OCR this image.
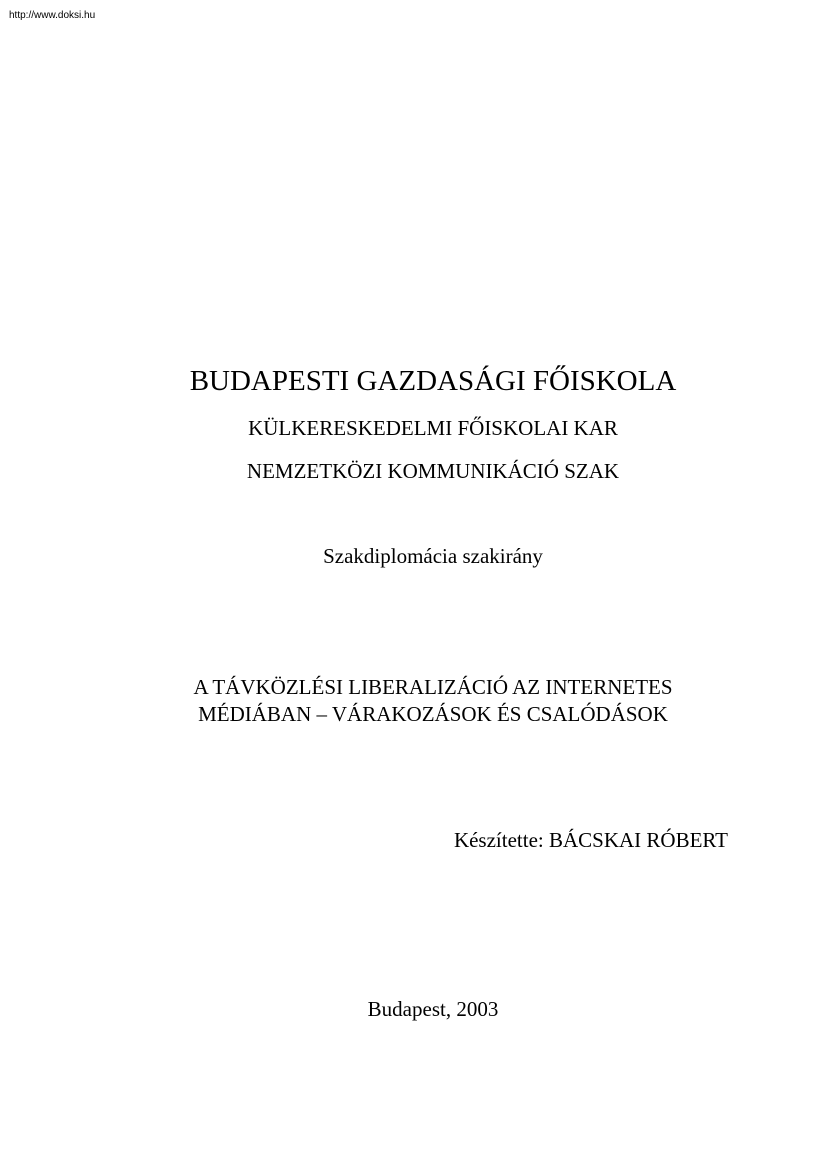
http://www.doksi.hu
BUDAPESTI GAZDASÁGI FŐISKOLA
KÜLKERESKEDELMI FŐISKOLAI KAR
NEMZETKÖZI KOMMUNIKÁCIÓ SZAK
Szakdiplomácia szakirány
A TÁVKÖZLÉSI LIBERALIZÁCIÓ AZ INTERNETES
MÉDIÁBAN – VÁRAKOZÁSOK ÉS CSALÓDÁSOK
Készítette: BÁCSKAI RÓBERT
Budapest, 2003
